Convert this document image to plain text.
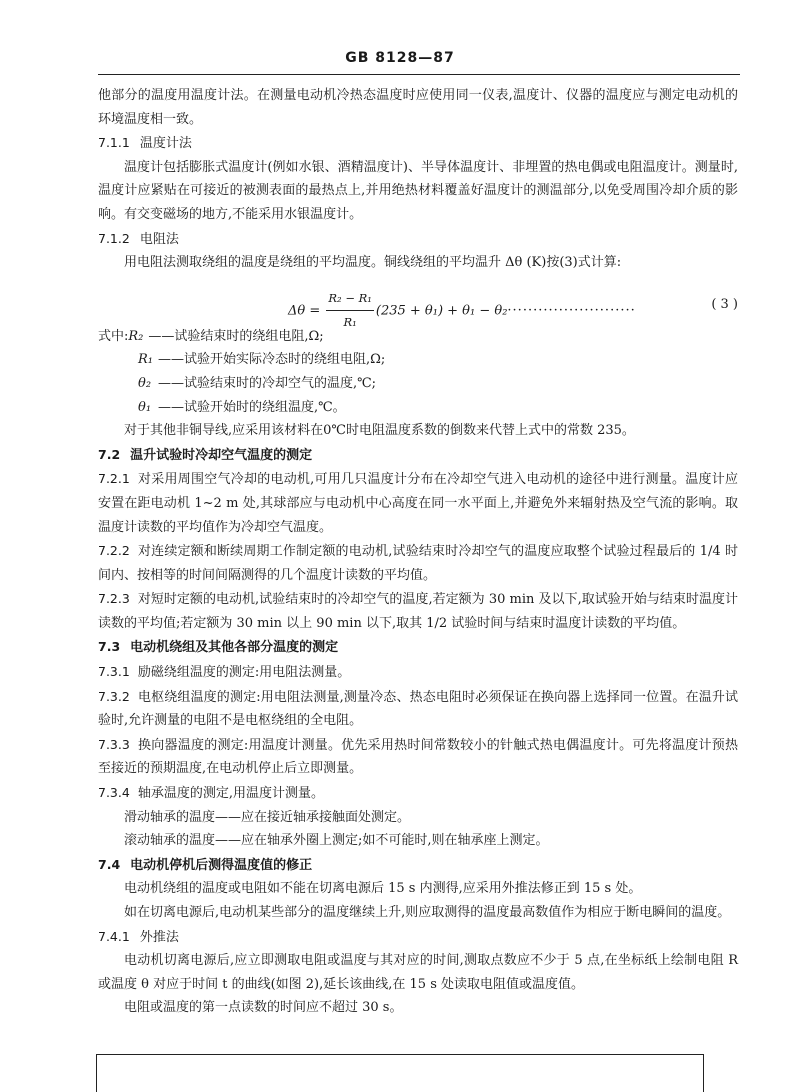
GB 8128—87

他部分的温度用温度计法。在测量电动机冷热态温度时应使用同一仪表,温度计、仪器的温度应与测定电动机的环境温度相一致。

7.1.1 温度计法

温度计包括膨胀式温度计(例如水银、酒精温度计)、半导体温度计、非埋置的热电偶或电阻温度计。测量时,温度计应紧贴在可接近的被测表面的最热点上,并用绝热材料覆盖好温度计的测温部分,以免受周围冷却介质的影响。有交变磁场的地方,不能采用水银温度计。

7.1.2 电阻法

用电阻法测取绕组的温度是绕组的平均温度。铜线绕组的平均温升 Δθ (K)按(3)式计算:

$\Delta\theta = \frac{\text{R₂ − R₁}}{\text{R₁}} (235 + \theta_1) + \theta_1 - \theta_2\cdot\cdot\cdot\cdot\cdot\cdot\cdot\cdot\cdot\cdot\cdot\cdot\cdot\cdot\cdot\cdot\cdot\cdot\cdot\cdot\cdot\cdot\cdot\cdot\cdot$	( 3 )

式中:R₂ ——试验结束时的绕组电阻,Ω;

R₁ ——试验开始实际冷态时的绕组电阻,Ω;

θ₂ ——试验结束时的冷却空气的温度,℃;

θ₁ ——试验开始时的绕组温度,℃。

对于其他非铜导线,应采用该材料在0℃时电阻温度系数的倒数来代替上式中的常数 235。

7.2 温升试验时冷却空气温度的测定

7.2.1 对采用周围空气冷却的电动机,可用几只温度计分布在冷却空气进入电动机的途径中进行测量。温度计应安置在距电动机 1~2 m 处,其球部应与电动机中心高度在同一水平面上,并避免外来辐射热及空气流的影响。取温度计读数的平均值作为冷却空气温度。

7.2.2 对连续定额和断续周期工作制定额的电动机,试验结束时冷却空气的温度应取整个试验过程最后的 1/4 时间内、按相等的时间间隔测得的几个温度计读数的平均值。

7.2.3 对短时定额的电动机,试验结束时的冷却空气的温度,若定额为 30 min 及以下,取试验开始与结束时温度计读数的平均值;若定额为 30 min 以上 90 min 以下,取其 1/2 试验时间与结束时温度计读数的平均值。

7.3 电动机绕组及其他各部分温度的测定

7.3.1 励磁绕组温度的测定:用电阻法测量。

7.3.2 电枢绕组温度的测定:用电阻法测量,测量冷态、热态电阻时必须保证在换向器上选择同一位置。在温升试验时,允许测量的电阻不是电枢绕组的全电阻。

7.3.3 换向器温度的测定:用温度计测量。优先采用热时间常数较小的针触式热电偶温度计。可先将温度计预热至接近的预期温度,在电动机停止后立即测量。

7.3.4 轴承温度的测定,用温度计测量。

滑动轴承的温度——应在接近轴承接触面处测定。

滚动轴承的温度——应在轴承外圈上测定;如不可能时,则在轴承座上测定。

7.4 电动机停机后测得温度值的修正

电动机绕组的温度或电阻如不能在切离电源后 15 s 内测得,应采用外推法修正到 15 s 处。

如在切离电源后,电动机某些部分的温度继续上升,则应取测得的温度最高数值作为相应于断电瞬间的温度。

7.4.1 外推法

电动机切离电源后,应立即测取电阻或温度与其对应的时间,测取点数应不少于 5 点,在坐标纸上绘制电阻 R 或温度 θ 对应于时间 t 的曲线(如图 2),延长该曲线,在 15 s 处读取电阻值或温度值。

电阻或温度的第一点读数的时间应不超过 30 s。
